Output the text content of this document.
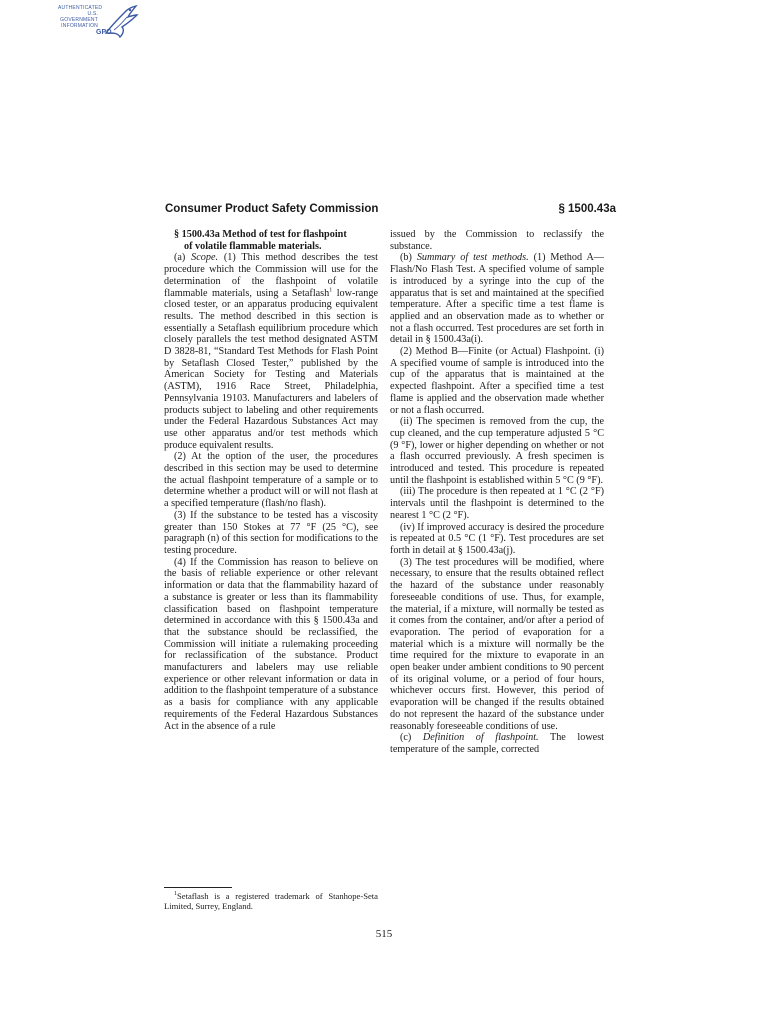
AUTHENTICATED
U.S. GOVERNMENT
INFORMATION
GPO
Consumer Product Safety Commission	§ 1500.43a

§ 1500.43a Method of test for flashpoint
of volatile flammable materials.

(a) Scope. (1) This method describes the test procedure which the Commission will use for the determination of the flashpoint of volatile flammable materials, using a Setaflash$^1$ low-range closed tester, or an apparatus producing equivalent results. The method described in this section is essentially a Setaflash equilibrium procedure which closely parallels the test method designated ASTM D 3828-81, “Standard Test Methods for Flash Point by Setaflash Closed Tester,” published by the American Society for Testing and Materials (ASTM), 1916 Race Street, Philadelphia, Pennsylvania 19103. Manufacturers and labelers of products subject to labeling and other requirements under the Federal Hazardous Substances Act may use other apparatus and/or test methods which produce equivalent results.

(2) At the option of the user, the procedures described in this section may be used to determine the actual flashpoint temperature of a sample or to determine whether a product will or will not flash at a specified temperature (flash/no flash).

(3) If the substance to be tested has a viscosity greater than 150 Stokes at 77 °F (25 °C), see paragraph (n) of this section for modifications to the testing procedure.

(4) If the Commission has reason to believe on the basis of reliable experience or other relevant information or data that the flammability hazard of a substance is greater or less than its flammability classification based on flashpoint temperature determined in accordance with this § 1500.43a and that the substance should be reclassified, the Commission will initiate a rulemaking proceeding for reclassification of the substance. Product manufacturers and labelers may use reliable experience or other relevant information or data in addition to the flashpoint temperature of a substance as a basis for compliance with any applicable requirements of the Federal Hazardous Substances Act in the absence of a rule

$^1$Setaflash is a registered trademark of Stanhope-Seta Limited, Surrey, England.

issued by the Commission to reclassify the substance.

(b) Summary of test methods. (1) Method A—Flash/No Flash Test. A specified volume of sample is introduced by a syringe into the cup of the apparatus that is set and maintained at the specified temperature. After a specific time a test flame is applied and an observation made as to whether or not a flash occurred. Test procedures are set forth in detail in § 1500.43a(i).

(2) Method B—Finite (or Actual) Flashpoint. (i) A specified voume of sample is introduced into the cup of the apparatus that is maintained at the expected flashpoint. After a specified time a test flame is applied and the observation made whether or not a flash occurred.

(ii) The specimen is removed from the cup, the cup cleaned, and the cup temperature adjusted 5 °C (9 °F), lower or higher depending on whether or not a flash occurred previously. A fresh specimen is introduced and tested. This procedure is repeated until the flashpoint is established within 5 °C (9 °F).

(iii) The procedure is then repeated at 1 °C (2 °F) intervals until the flashpoint is determined to the nearest 1 °C (2 °F).

(iv) If improved accuracy is desired the procedure is repeated at 0.5 °C (1 °F). Test procedures are set forth in detail at § 1500.43a(j).

(3) The test procedures will be modified, where necessary, to ensure that the results obtained reflect the hazard of the substance under reasonably foreseeable conditions of use. Thus, for example, the material, if a mixture, will normally be tested as it comes from the container, and/or after a period of evaporation. The period of evaporation for a material which is a mixture will normally be the time required for the mixture to evaporate in an open beaker under ambient conditions to 90 percent of its original volume, or a period of four hours, whichever occurs first. However, this period of evaporation will be changed if the results obtained do not represent the hazard of the substance under reasonably foreseeable conditions of use.

(c) Definition of flashpoint. The lowest temperature of the sample, corrected

515
